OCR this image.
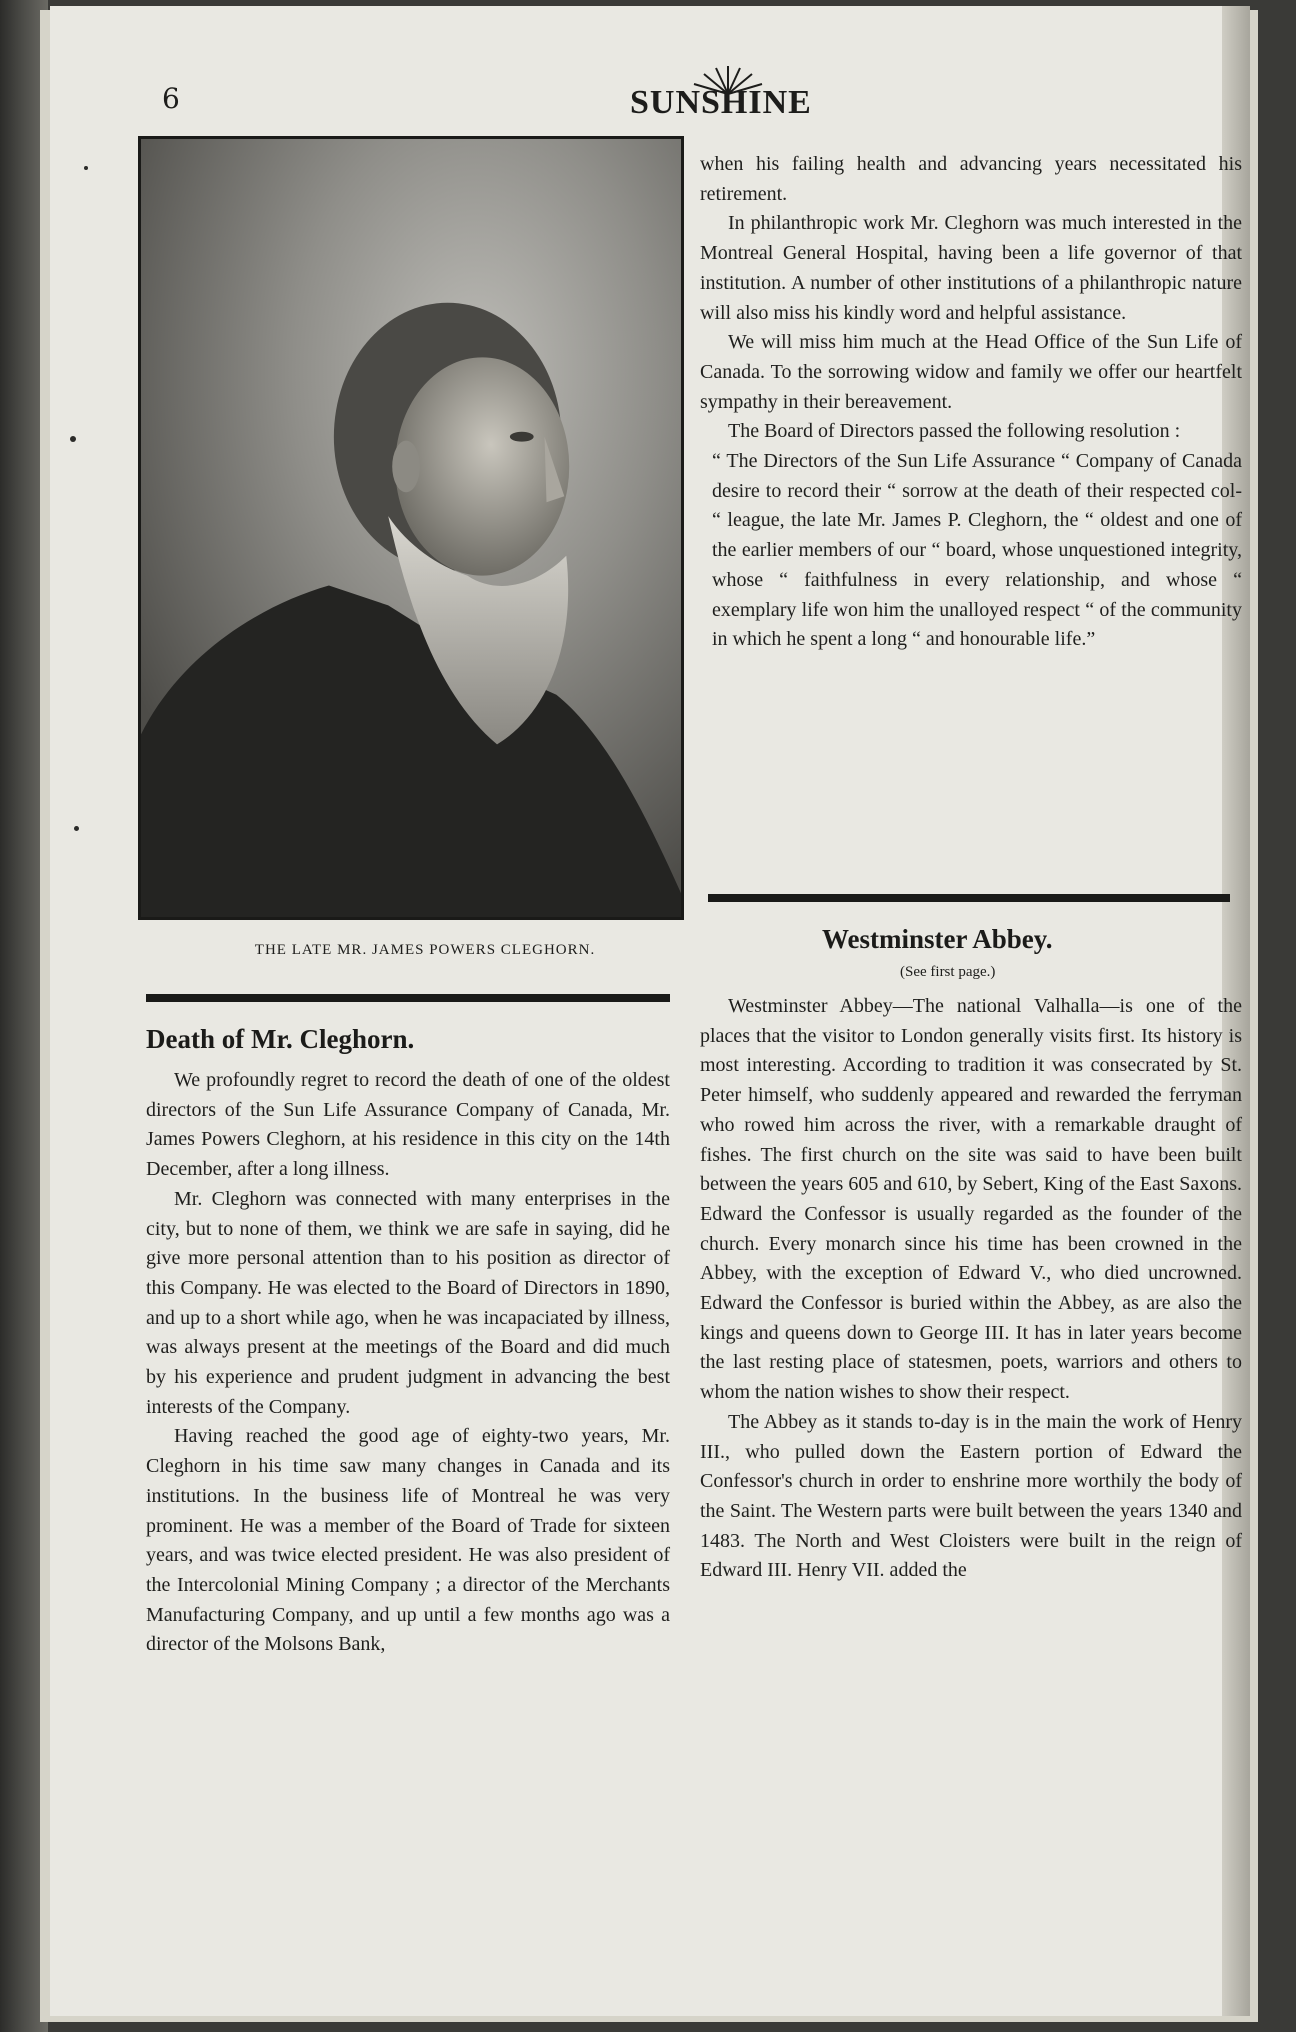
6	SUNSHINE
THE LATE MR. JAMES POWERS CLEGHORN.
Death of Mr. Cleghorn.

We profoundly regret to record the death of one of the oldest directors of the Sun Life Assurance Company of Canada, Mr. James Powers Cleghorn, at his residence in this city on the 14th December, after a long illness.

Mr. Cleghorn was connected with many enterprises in the city, but to none of them, we think we are safe in saying, did he give more personal attention than to his position as director of this Company. He was elected to the Board of Directors in 1890, and up to a short while ago, when he was incapaciated by illness, was always present at the meetings of the Board and did much by his experience and prudent judgment in advancing the best interests of the Company.

Having reached the good age of eighty-two years, Mr. Cleghorn in his time saw many changes in Canada and its institutions. In the business life of Montreal he was very prominent. He was a member of the Board of Trade for sixteen years, and was twice elected president. He was also president of the Intercolonial Mining Company ; a director of the Merchants Manufacturing Company, and up until a few months ago was a director of the Molsons Bank,

when his failing health and advancing years necessitated his retirement.

In philanthropic work Mr. Cleghorn was much interested in the Montreal General Hospital, having been a life governor of that institution. A number of other institutions of a philanthropic nature will also miss his kindly word and helpful assistance.

We will miss him much at the Head Office of the Sun Life of Canada. To the sorrowing widow and family we offer our heartfelt sympathy in their bereavement.

The Board of Directors passed the following resolution :

“ The Directors of the Sun Life Assurance “ Company of Canada desire to record their “ sorrow at the death of their respected col- “ league, the late Mr. James P. Cleghorn, the “ oldest and one of the earlier members of our “ board, whose unquestioned integrity, whose “ faithfulness in every relationship, and whose “ exemplary life won him the unalloyed respect “ of the community in which he spent a long “ and honourable life.”

Westminster Abbey.
(See first page.)

Westminster Abbey—The national Valhalla—is one of the places that the visitor to London generally visits first. Its history is most interesting. According to tradition it was consecrated by St. Peter himself, who suddenly appeared and rewarded the ferryman who rowed him across the river, with a remarkable draught of fishes. The first church on the site was said to have been built between the years 605 and 610, by Sebert, King of the East Saxons. Edward the Confessor is usually regarded as the founder of the church. Every monarch since his time has been crowned in the Abbey, with the exception of Edward V., who died uncrowned. Edward the Confessor is buried within the Abbey, as are also the kings and queens down to George III. It has in later years become the last resting place of statesmen, poets, warriors and others to whom the nation wishes to show their respect.

The Abbey as it stands to-day is in the main the work of Henry III., who pulled down the Eastern portion of Edward the Confessor's church in order to enshrine more worthily the body of the Saint. The Western parts were built between the years 1340 and 1483. The North and West Cloisters were built in the reign of Edward III. Henry VII. added the
